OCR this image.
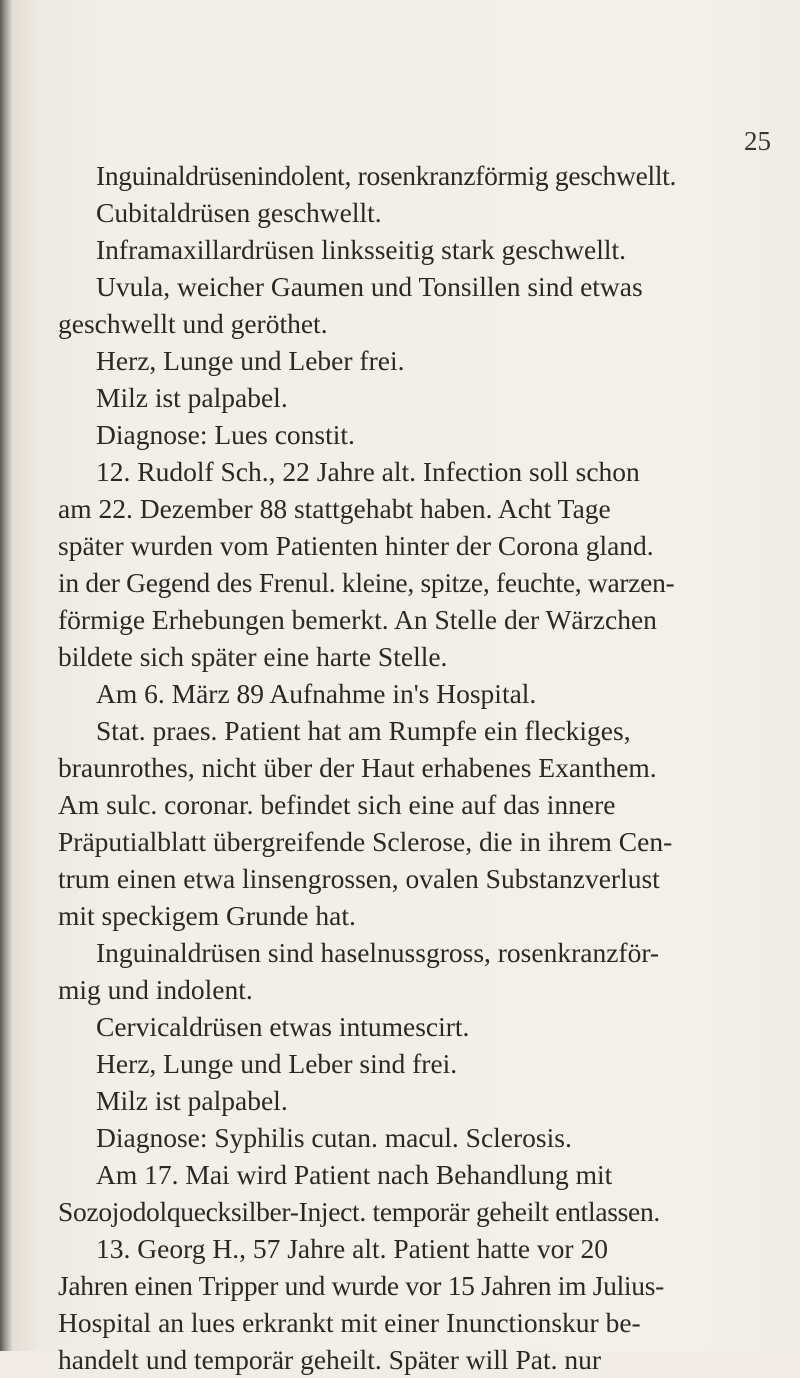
25
Inguinaldrüsenindolent, rosenkranzförmig geschwellt.
Cubitaldrüsen geschwellt.
Inframaxillardrüsen linksseitig stark geschwellt.
Uvula, weicher Gaumen und Tonsillen sind etwas
geschwellt und geröthet.
Herz, Lunge und Leber frei.
Milz ist palpabel.
Diagnose: Lues constit.
12. Rudolf Sch., 22 Jahre alt. Infection soll schon
am 22. Dezember 88 stattgehabt haben. Acht Tage
später wurden vom Patienten hinter der Corona gland.
in der Gegend des Frenul. kleine, spitze, feuchte, warzen-
förmige Erhebungen bemerkt. An Stelle der Wärzchen
bildete sich später eine harte Stelle.
Am 6. März 89 Aufnahme in's Hospital.
Stat. praes. Patient hat am Rumpfe ein fleckiges,
braunrothes, nicht über der Haut erhabenes Exanthem.
Am sulc. coronar. befindet sich eine auf das innere
Präputialblatt übergreifende Sclerose, die in ihrem Cen-
trum einen etwa linsengrossen, ovalen Substanzverlust
mit speckigem Grunde hat.
Inguinaldrüsen sind haselnussgross, rosenkranzför-
mig und indolent.
Cervicaldrüsen etwas intumescirt.
Herz, Lunge und Leber sind frei.
Milz ist palpabel.
Diagnose: Syphilis cutan. macul. Sclerosis.
Am 17. Mai wird Patient nach Behandlung mit
Sozojodolquecksilber-Inject. temporär geheilt entlassen.
13. Georg H., 57 Jahre alt. Patient hatte vor 20
Jahren einen Tripper und wurde vor 15 Jahren im Julius-
Hospital an lues erkrankt mit einer Inunctionskur be-
handelt und temporär geheilt. Später will Pat. nur
